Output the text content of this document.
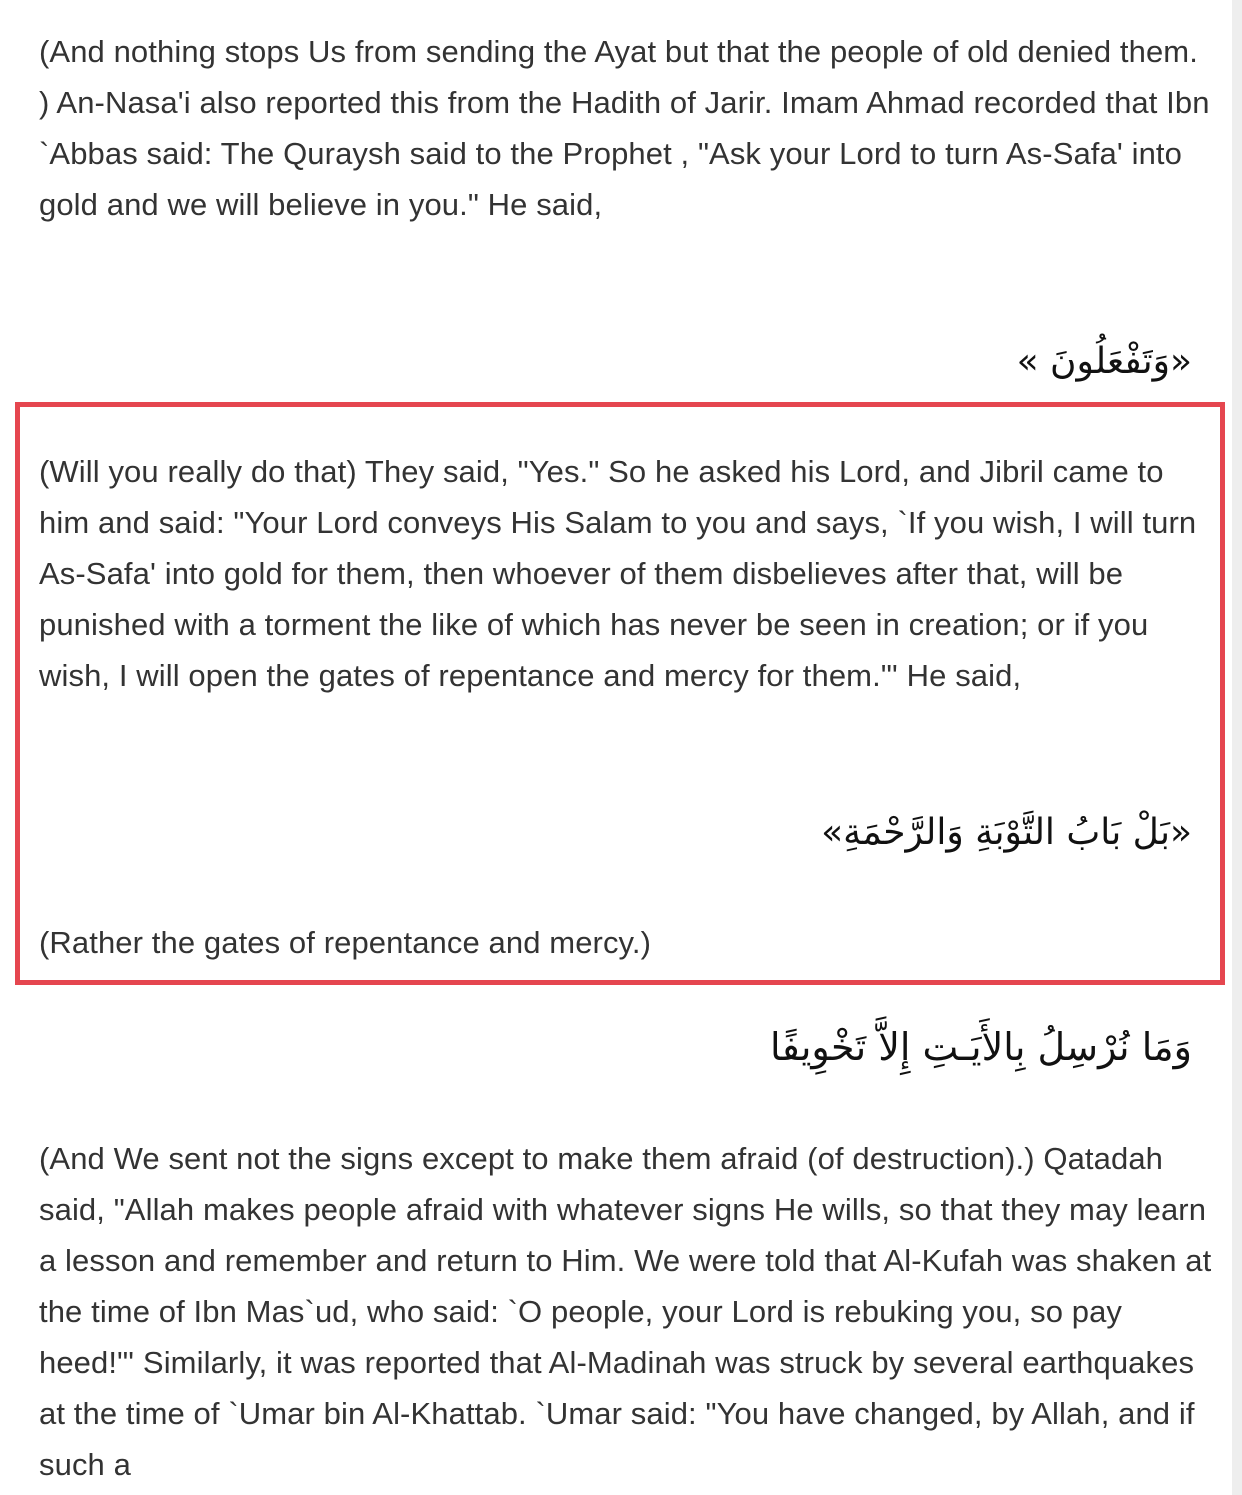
(And nothing stops Us from sending the Ayat but that the people of old denied them. ) An-Nasa'i also reported this from the Hadith of Jarir. Imam Ahmad recorded that Ibn `Abbas said: The Quraysh said to the Prophet , "Ask your Lord to turn As-Safa' into gold and we will believe in you." He said,

«وَتَفْعَلُونَ »

(Will you really do that) They said, "Yes." So he asked his Lord, and Jibril came to him and said: "Your Lord conveys His Salam to you and says, `If you wish, I will turn As-Safa' into gold for them, then whoever of them disbelieves after that, will be punished with a torment the like of which has never be seen in creation; or if you wish, I will open the gates of repentance and mercy for them."' He said,

«بَلْ بَابُ التَّوْبَةِ وَالرَّحْمَةِ»

(Rather the gates of repentance and mercy.)

وَمَا نُرْسِلُ بِالأَيَـتِ إِلاَّ تَخْوِيفًا

(And We sent not the signs except to make them afraid (of destruction).) Qatadah said, "Allah makes people afraid with whatever signs He wills, so that they may learn a lesson and remember and return to Him. We were told that Al-Kufah was shaken at the time of Ibn Mas`ud, who said: `O people, your Lord is rebuking you, so pay heed!"' Similarly, it was reported that Al-Madinah was struck by several earthquakes at the time of `Umar bin Al-Khattab. `Umar said: "You have changed, by Allah, and if such a
